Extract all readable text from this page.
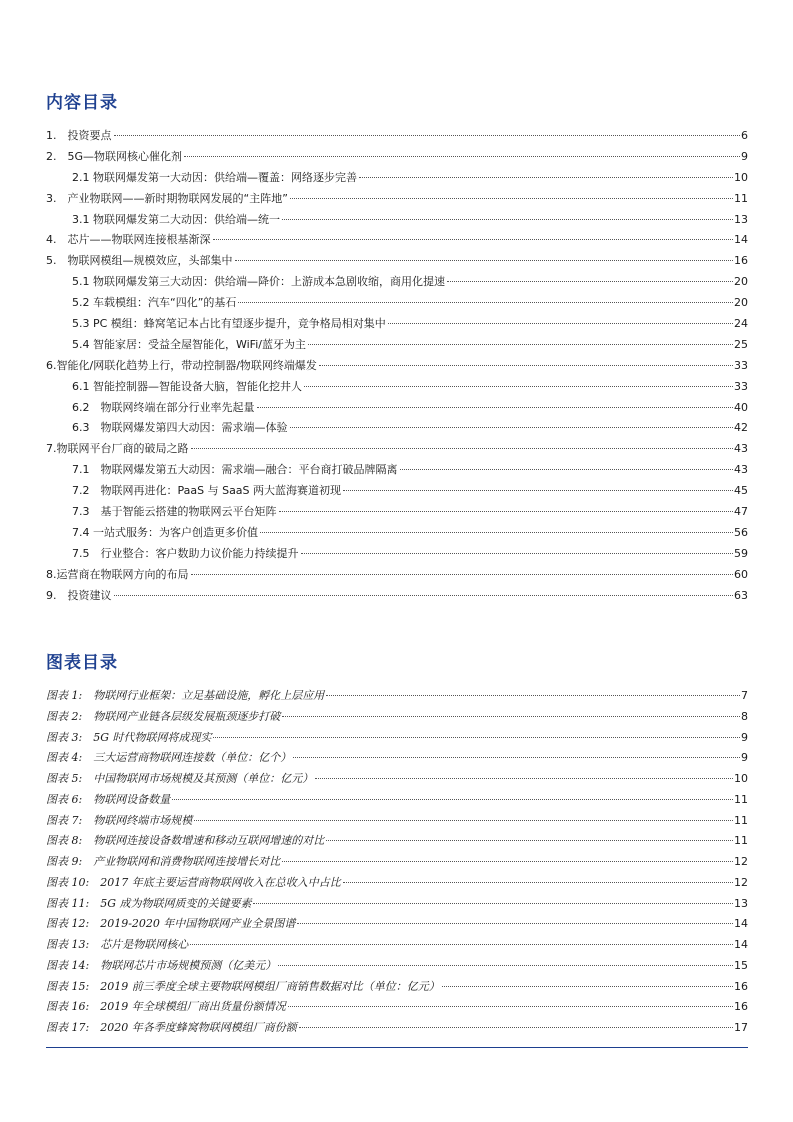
内容目录
1. 投资要点	6
2. 5G—物联网核心催化剂	9
2.1 物联网爆发第一大动因：供给端—覆盖：网络逐步完善	10
3. 产业物联网——新时期物联网发展的“主阵地”	11
3.1 物联网爆发第二大动因：供给端—统一	13
4. 芯片——物联网连接根基渐深	14
5. 物联网模组—规模效应，头部集中	16
5.1 物联网爆发第三大动因：供给端—降价：上游成本急剧收缩，商用化提速	20
5.2 车载模组：汽车“四化”的基石	20
5.3 PC 模组：蜂窝笔记本占比有望逐步提升，竞争格局相对集中	24
5.4 智能家居：受益全屋智能化，WiFi/蓝牙为主	25
6.智能化/网联化趋势上行，带动控制器/物联网终端爆发	33
6.1 智能控制器—智能设备大脑，智能化挖井人	33
6.2 物联网终端在部分行业率先起量	40
6.3 物联网爆发第四大动因：需求端—体验	42
7.物联网平台厂商的破局之路	43
7.1 物联网爆发第五大动因：需求端—融合：平台商打破品牌隔离	43
7.2 物联网再进化：PaaS 与 SaaS 两大蓝海赛道初现	45
7.3 基于智能云搭建的物联网云平台矩阵	47
7.4 一站式服务：为客户创造更多价值	56
7.5 行业整合：客户数助力议价能力持续提升	59
8.运营商在物联网方向的布局	60
9. 投资建议	63
图表目录
图表 1: 物联网行业框架：立足基础设施，孵化上层应用	7
图表 2: 物联网产业链各层级发展瓶颈逐步打破	8
图表 3: 5G 时代物联网将成现实	9
图表 4: 三大运营商物联网连接数（单位：亿个）	9
图表 5: 中国物联网市场规模及其预测（单位：亿元）	10
图表 6: 物联网设备数量	11
图表 7: 物联网终端市场规模	11
图表 8: 物联网连接设备数增速和移动互联网增速的对比	11
图表 9: 产业物联网和消费物联网连接增长对比	12
图表 10: 2017 年底主要运营商物联网收入在总收入中占比	12
图表 11: 5G 成为物联网质变的关键要素	13
图表 12: 2019-2020 年中国物联网产业全景图谱	14
图表 13: 芯片是物联网核心	14
图表 14: 物联网芯片市场规模预测（亿美元）	15
图表 15: 2019 前三季度全球主要物联网模组厂商销售数据对比（单位：亿元）	16
图表 16: 2019 年全球模组厂商出货量份额情况	16
图表 17: 2020 年各季度蜂窝物联网模组厂商份额	17
